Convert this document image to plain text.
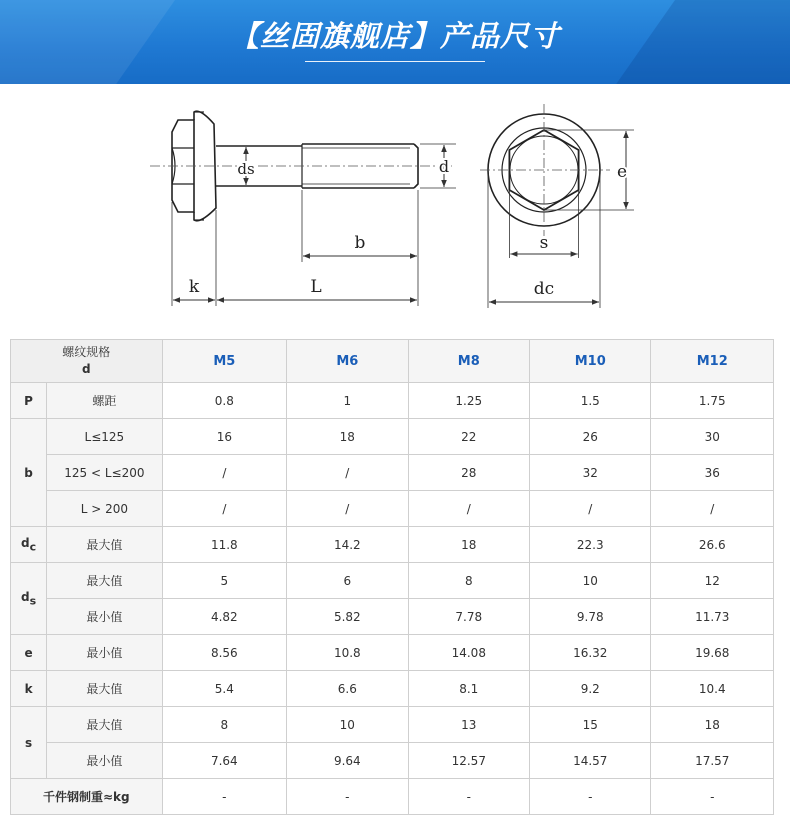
【丝固旗舰店】产品尺寸
ds	d
b
k	L
e
s
dc
螺纹规格
d		M5	M6	M8	M10	M12
P	螺距	0.8	1	1.25	1.5	1.75
b	L≤125	16	18	22	26	30
	125 < L≤200	/	/	28	32	36
	L > 200	/	/	/	/	/
$d_c$	最大值	11.8	14.2	18	22.3	26.6
$d_s$	最大值	5	6	8	10	12
	最小值	4.82	5.82	7.78	9.78	11.73
e	最小值	8.56	10.8	14.08	16.32	19.68
k	最大值	5.4	6.6	8.1	9.2	10.4
s	最大值	8	10	13	15	18
	最小值	7.64	9.64	12.57	14.57	17.57
千件钢制重≈kg		-	-	-	-	-
